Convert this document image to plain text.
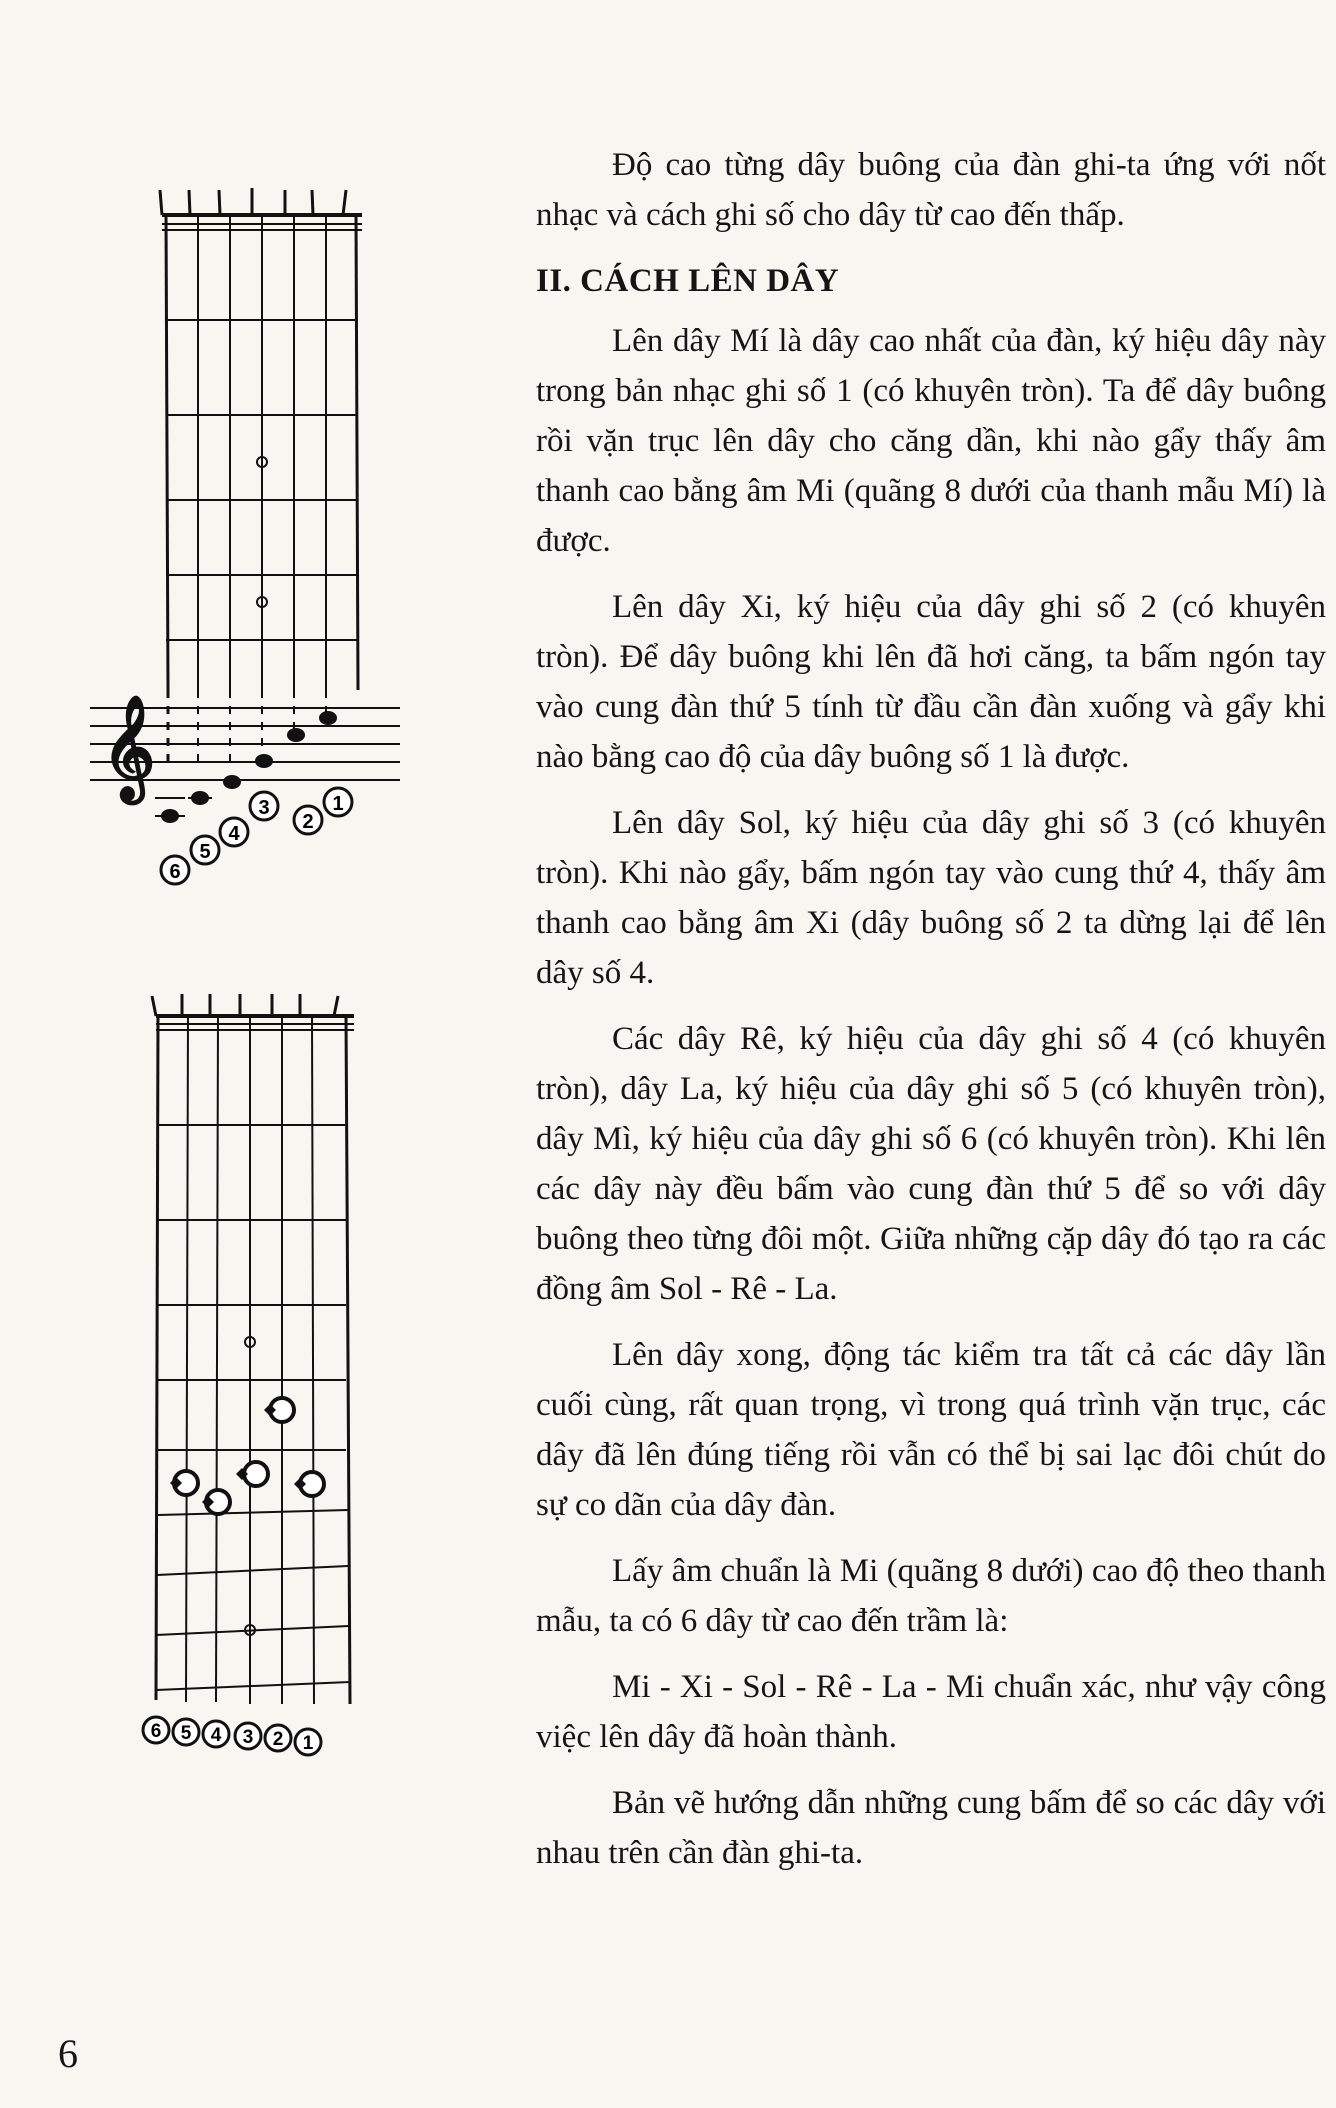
𝄞
6
5
4
3
2
1
6 5 4 3 2 1

Độ cao từng dây buông của đàn ghi-ta ứng với nốt nhạc và cách ghi số cho dây từ cao đến thấp.

II. CÁCH LÊN DÂY

Lên dây Mí là dây cao nhất của đàn, ký hiệu dây này trong bản nhạc ghi số 1 (có khuyên tròn). Ta để dây buông rồi vặn trục lên dây cho căng dần, khi nào gẩy thấy âm thanh cao bằng âm Mi (quãng 8 dưới của thanh mẫu Mí) là được.

Lên dây Xi, ký hiệu của dây ghi số 2 (có khuyên tròn). Để dây buông khi lên đã hơi căng, ta bấm ngón tay vào cung đàn thứ 5 tính từ đầu cần đàn xuống và gẩy khi nào bằng cao độ của dây buông số 1 là được.

Lên dây Sol, ký hiệu của dây ghi số 3 (có khuyên tròn). Khi nào gẩy, bấm ngón tay vào cung thứ 4, thấy âm thanh cao bằng âm Xi (dây buông số 2 ta dừng lại để lên dây số 4.

Các dây Rê, ký hiệu của dây ghi số 4 (có khuyên tròn), dây La, ký hiệu của dây ghi số 5 (có khuyên tròn), dây Mì, ký hiệu của dây ghi số 6 (có khuyên tròn). Khi lên các dây này đều bấm vào cung đàn thứ 5 để so với dây buông theo từng đôi một. Giữa những cặp dây đó tạo ra các đồng âm Sol - Rê - La.

Lên dây xong, động tác kiểm tra tất cả các dây lần cuối cùng, rất quan trọng, vì trong quá trình vặn trục, các dây đã lên đúng tiếng rồi vẫn có thể bị sai lạc đôi chút do sự co dãn của dây đàn.

Lấy âm chuẩn là Mi (quãng 8 dưới) cao độ theo thanh mẫu, ta có 6 dây từ cao đến trầm là:

Mi - Xi - Sol - Rê - La - Mi chuẩn xác, như vậy công việc lên dây đã hoàn thành.

Bản vẽ hướng dẫn những cung bấm để so các dây với nhau trên cần đàn ghi-ta.

6
